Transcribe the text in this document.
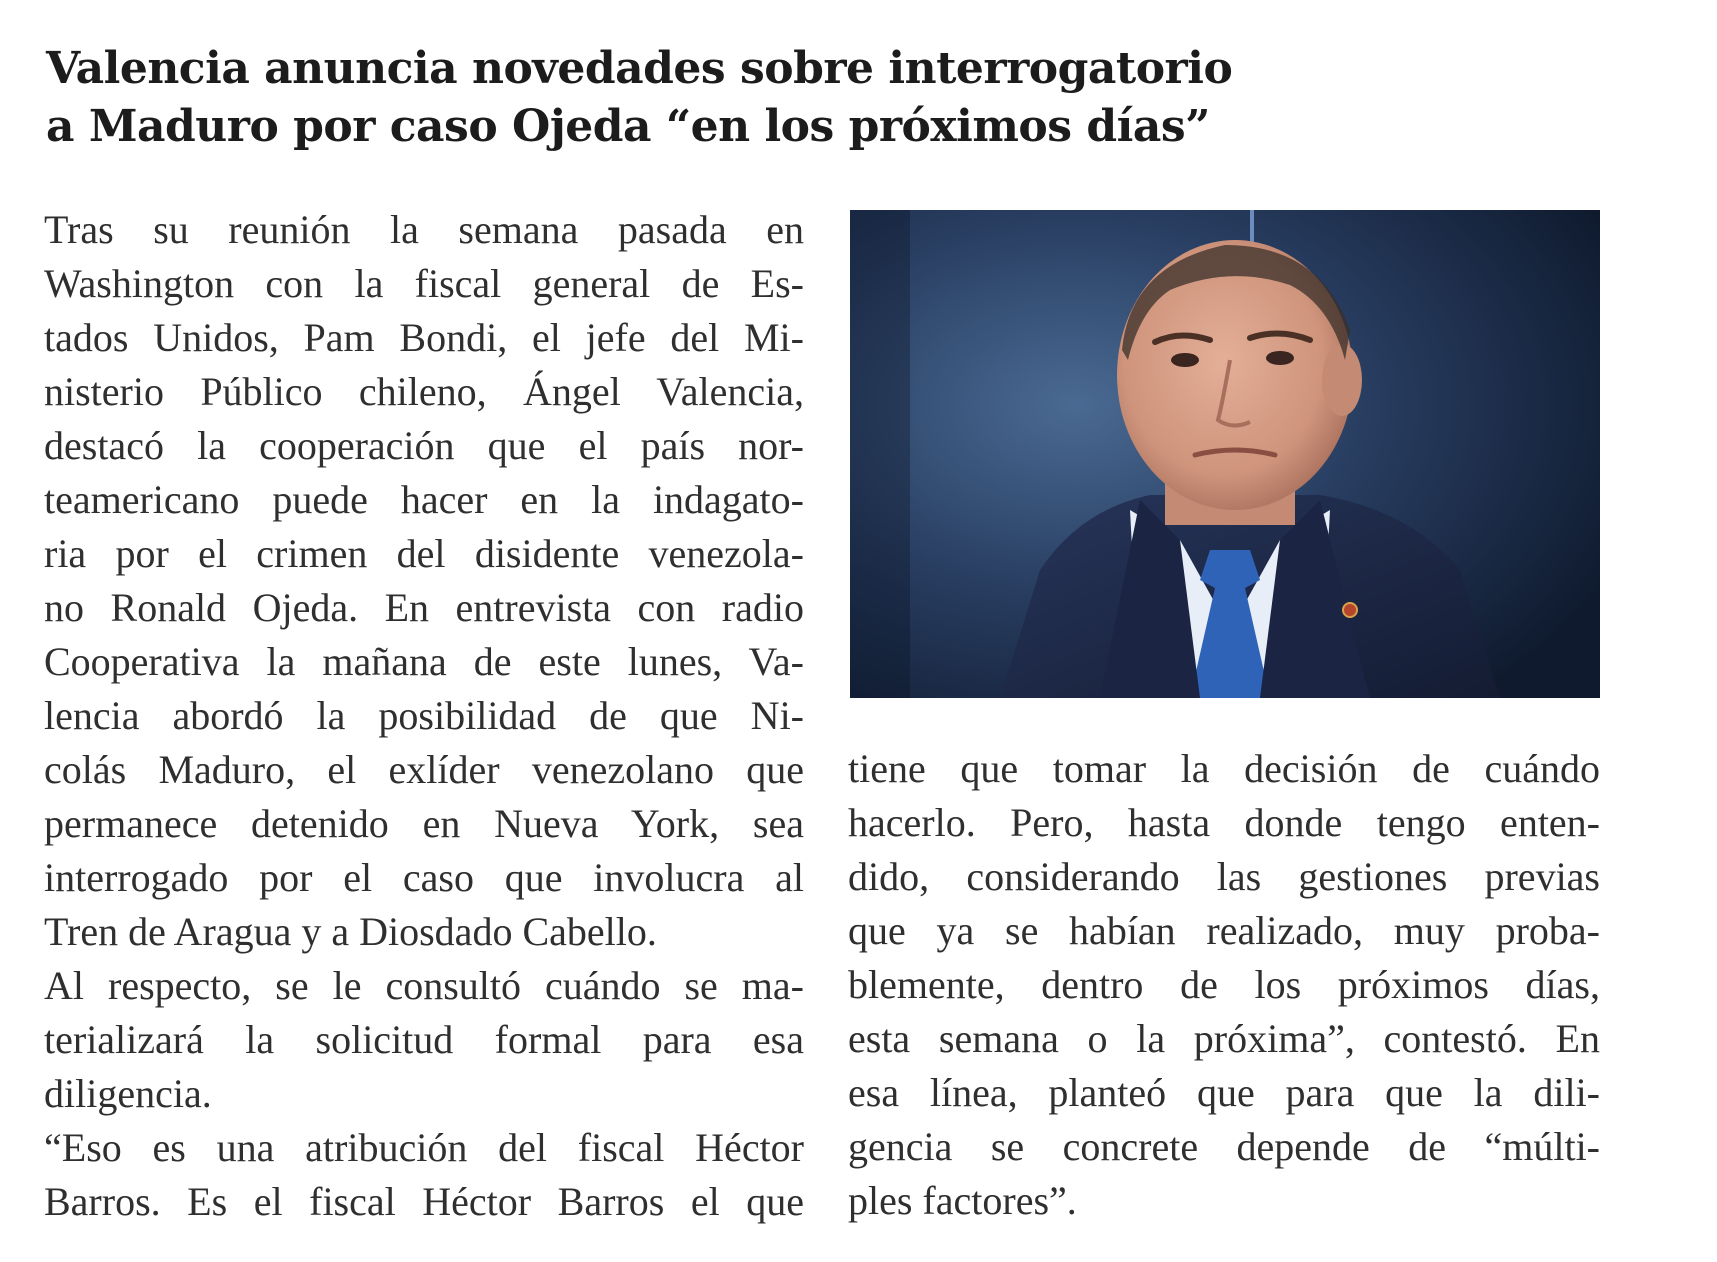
Valencia anuncia novedades sobre interrogatorio
a Maduro por caso Ojeda “en los próximos días”
Tras su reunión la semana pasada en
Washington con la fiscal general de Es-
tados Unidos, Pam Bondi, el jefe del Mi-
nisterio Público chileno, Ángel Valencia,
destacó la cooperación que el país nor-
teamericano puede hacer en la indagato-
ria por el crimen del disidente venezola-
no Ronald Ojeda. En entrevista con radio
Cooperativa la mañana de este lunes, Va-
lencia abordó la posibilidad de que Ni-
colás Maduro, el exlíder venezolano que
permanece detenido en Nueva York, sea
interrogado por el caso que involucra al
Tren de Aragua y a Diosdado Cabello.
Al respecto, se le consultó cuándo se ma-
terializará la solicitud formal para esa
diligencia.
“Eso es una atribución del fiscal Héctor
Barros. Es el fiscal Héctor Barros el que
tiene que tomar la decisión de cuándo
hacerlo. Pero, hasta donde tengo enten-
dido, considerando las gestiones previas
que ya se habían realizado, muy proba-
blemente, dentro de los próximos días,
esta semana o la próxima”, contestó. En
esa línea, planteó que para que la dili-
gencia se concrete depende de “múlti-
ples factores”.
